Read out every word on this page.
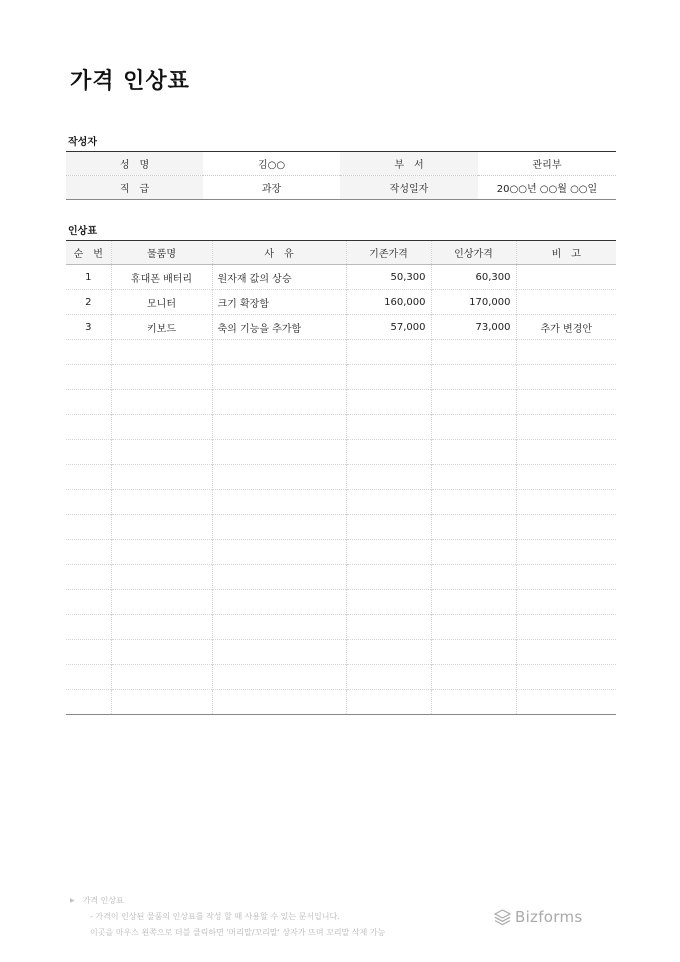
가격 인상표
작성자
성　명	김○○	부　서	관리부
직　급	과장	작성일자	20○○년 ○○월 ○○일
인상표
순　번	물품명	사　유	기존가격	인상가격	비　고
1	휴대폰 배터리	원자재 값의 상승	50,300	60,300	
2	모니터	크기 확장함	160,000	170,000	
3	키보드	축의 기능을 추가함	57,000	73,000	추가 변경안

▶ 가격 인상표
- 가격이 인상된 물품의 인상표를 작성 할 때 사용할 수 있는 문서입니다.
이곳을 마우스 왼쪽으로 더블 클릭하면 '머리말/꼬리말' 상자가 뜨며 꼬리말 삭제 가능
Bizforms
